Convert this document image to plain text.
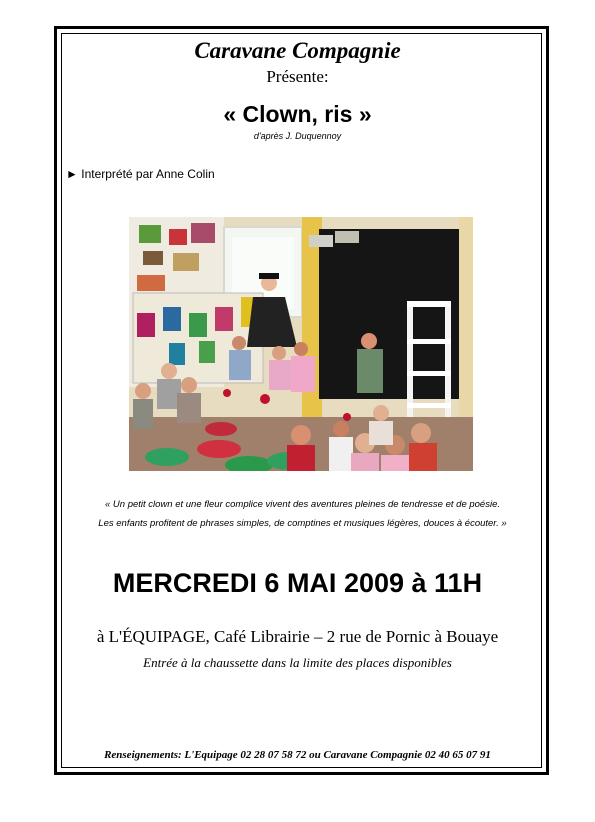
Caravane Compagnie
Présente:
« Clown, ris »
d'après J. Duquennoy
► Interprété par Anne Colin
« Un petit clown et une fleur complice vivent des aventures pleines de tendresse et de poésie.
Les enfants profitent de phrases simples, de comptines et musiques légères, douces à écouter. »
MERCREDI 6 MAI 2009 à 11H
à L'ÉQUIPAGE, Café Librairie – 2 rue de Pornic à Bouaye
Entrée à la chaussette dans la limite des places disponibles
Renseignements: L'Equipage 02 28 07 58 72 ou Caravane Compagnie 02 40 65 07 91
